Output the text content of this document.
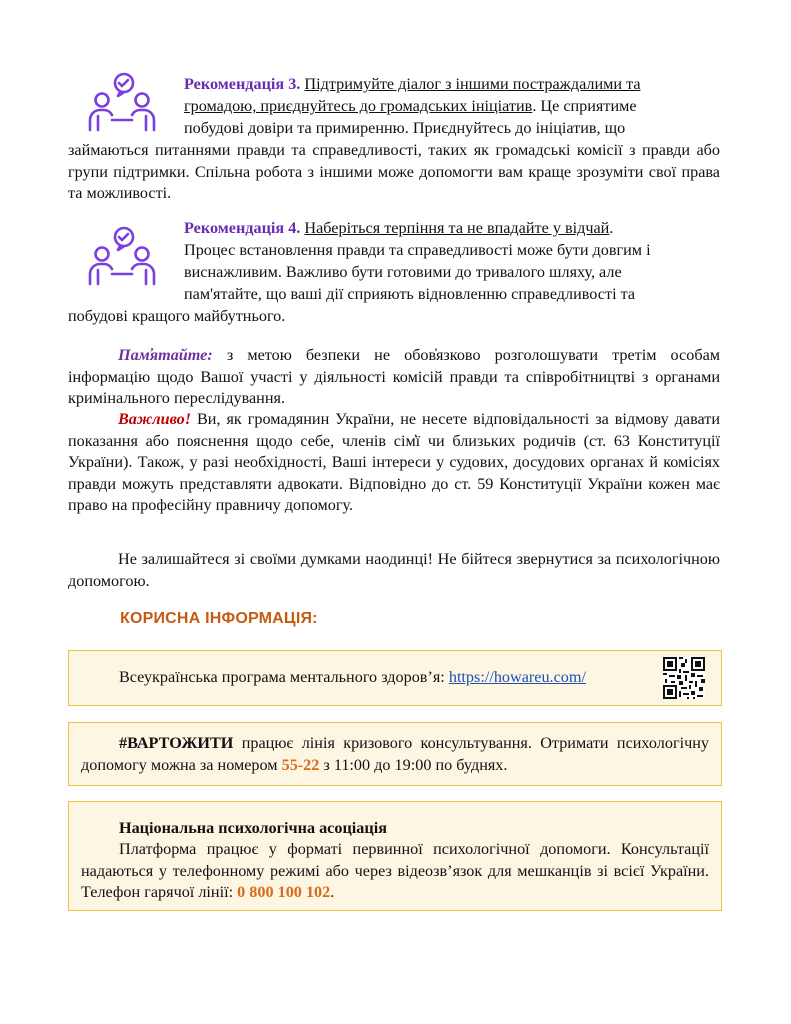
Рекомендація 3. Підтримуйте діалог з іншими постраждалими та
громадою, приєднуйтесь до громадських ініціатив. Це сприятиме
побудові довіри та примиренню. Приєднуйтесь до ініціатив, що
займаються питаннями правди та справедливості, таких як громадські комісії з правди або групи підтримки. Спільна робота з іншими може допомогти вам краще зрозуміти свої права та можливості.
Рекомендація 4. Наберіться терпіння та не впадайте у відчай.
Процес встановлення правди та справедливості може бути довгим і
виснажливим. Важливо бути готовими до тривалого шляху, але
пам'ятайте, що ваші дії сприяють відновленню справедливості та
побудові кращого майбутнього.
Пам̓ятайте: з метою безпеки не обов̓язково розголошувати третім особам інформацію щодо Вашої участі у діяльності комісій правди та співробітництві з органами кримінального переслідування.
Важливо! Ви, як громадянин України, не несете відповідальності за відмову давати показання або пояснення щодо себе, членів сім̓ї чи близьких родичів (ст. 63 Конституції України). Також, у разі необхідності, Ваші інтереси у судових, досудових органах й комісіях правди можуть представляти адвокати. Відповідно до ст. 59 Конституції України кожен має право на професійну правничу допомогу.
Не залишайтеся зі своїми думками наодинці! Не бійтеся звернутися за психологічною допомогою.
КОРИСНА ІНФОРМАЦІЯ:
Всеукраїнська програма ментального здоров’я: https://howareu.com/
#ВАРТОЖИТИ працює лінія кризового консультування. Отримати психологічну допомогу можна за номером 55-22 з 11:00 до 19:00 по буднях.
Національна психологічна асоціація
Платформа працює у форматі первинної психологічної допомоги. Консультації надаються у телефонному режимі або через відеозв’язок для мешканців зі всієї України. Телефон гарячої лінії: 0 800 100 102.
